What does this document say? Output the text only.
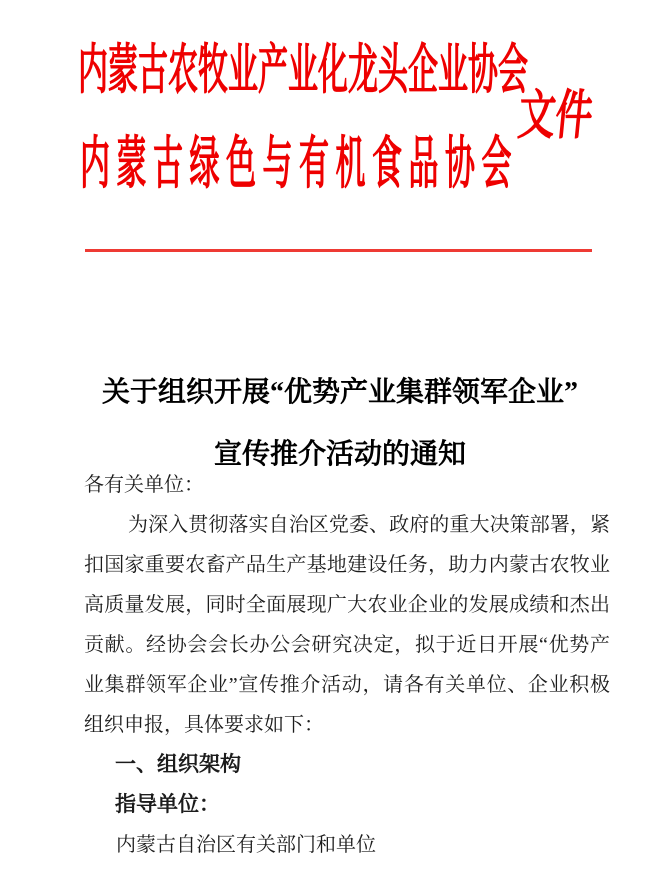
内蒙古农牧业产业化龙头企业协会
文件
内蒙古绿色与有机食品协会
关于组织开展“优势产业集群领军企业”
宣传推介活动的通知

各有关单位：

为深入贯彻落实自治区党委、政府的重大决策部署，紧扣国家重要农畜产品生产基地建设任务，助力内蒙古农牧业高质量发展，同时全面展现广大农业企业的发展成绩和杰出贡献。经协会会长办公会研究决定，拟于近日开展“优势产业集群领军企业”宣传推介活动，请各有关单位、企业积极组织申报，具体要求如下：

一、组织架构

指导单位：

内蒙古自治区有关部门和单位
